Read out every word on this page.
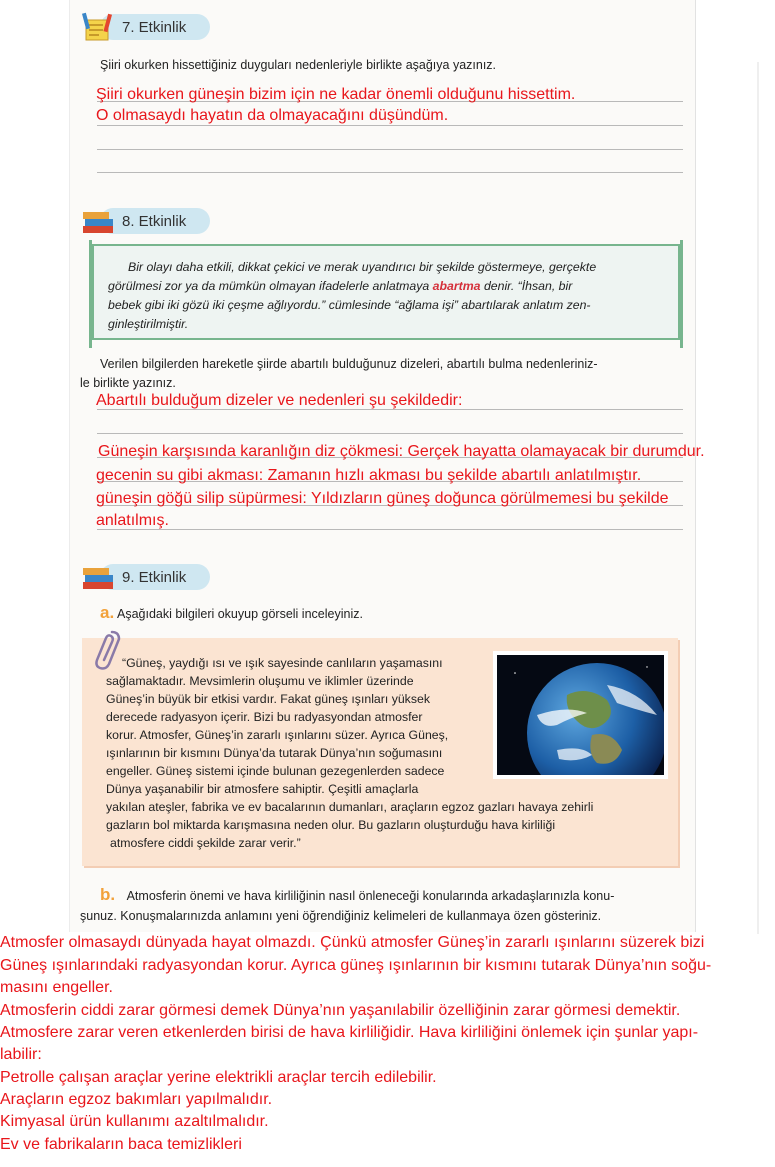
7. Etkinlik
Şiiri okurken hissettiğiniz duyguları nedenleriyle birlikte aşağıya yazınız.
Şiiri okurken güneşin bizim için ne kadar önemli olduğunu hissettim.
O olmasaydı hayatın da olmayacağını düşündüm.
8. Etkinlik
Bir olayı daha etkili, dikkat çekici ve merak uyandırıcı bir şekilde göstermeye, gerçekte
görülmesi zor ya da mümkün olmayan ifadelerle anlatmaya abartma denir. “İhsan, bir
bebek gibi iki gözü iki çeşme ağlıyordu.” cümlesinde “ağlama işi” abartılarak anlatım zen-
ginleştirilmiştir.
Verilen bilgilerden hareketle şiirde abartılı bulduğunuz dizeleri, abartılı bulma nedenleriniz-
le birlikte yazınız.
Abartılı bulduğum dizeler ve nedenleri şu şekildedir:
Güneşin karşısında karanlığın diz çökmesi: Gerçek hayatta olamayacak bir durumdur.
gecenin su gibi akması: Zamanın hızlı akması bu şekilde abartılı anlatılmıştır.
güneşin göğü silip süpürmesi: Yıldızların güneş doğunca görülmemesi bu şekilde
anlatılmış.
9. Etkinlik
a. Aşağıdaki bilgileri okuyup görseli inceleyiniz.
“Güneş, yaydığı ısı ve ışık sayesinde canlıların yaşamasını
sağlamaktadır. Mevsimlerin oluşumu ve iklimler üzerinde
Güneş’in büyük bir etkisi vardır. Fakat güneş ışınları yüksek
derecede radyasyon içerir. Bizi bu radyasyondan atmosfer
korur. Atmosfer, Güneş’in zararlı ışınlarını süzer. Ayrıca Güneş,
ışınlarının bir kısmını Dünya’da tutarak Dünya’nın soğumasını
engeller. Güneş sistemi içinde bulunan gezegenlerden sadece
Dünya yaşanabilir bir atmosfere sahiptir. Çeşitli amaçlarla
yakılan ateşler, fabrika ve ev bacalarının dumanları, araçların egzoz gazları havaya zehirli
gazların bol miktarda karışmasına neden olur. Bu gazların oluşturduğu hava kirliliği
atmosfere ciddi şekilde zarar verir.”
b. Atmosferin önemi ve hava kirliliğinin nasıl önleneceği konularında arkadaşlarınızla konu-
şunuz. Konuşmalarınızda anlamını yeni öğrendiğiniz kelimeleri de kullanmaya özen gösteriniz.
Atmosfer olmasaydı dünyada hayat olmazdı. Çünkü atmosfer Güneş’in zararlı ışınlarını süzerek bizi
Güneş ışınlarındaki radyasyondan korur. Ayrıca güneş ışınlarının bir kısmını tutarak Dünya’nın soğu-
masını engeller.
Atmosferin ciddi zarar görmesi demek Dünya’nın yaşanılabilir özelliğinin zarar görmesi demektir.
Atmosfere zarar veren etkenlerden birisi de hava kirliliğidir. Hava kirliliğini önlemek için şunlar yapı-
labilir:
Petrolle çalışan araçlar yerine elektrikli araçlar tercih edilebilir.
Araçların egzoz bakımları yapılmalıdır.
Kimyasal ürün kullanımı azaltılmalıdır.
Ev ve fabrikaların baca temizlikleri
